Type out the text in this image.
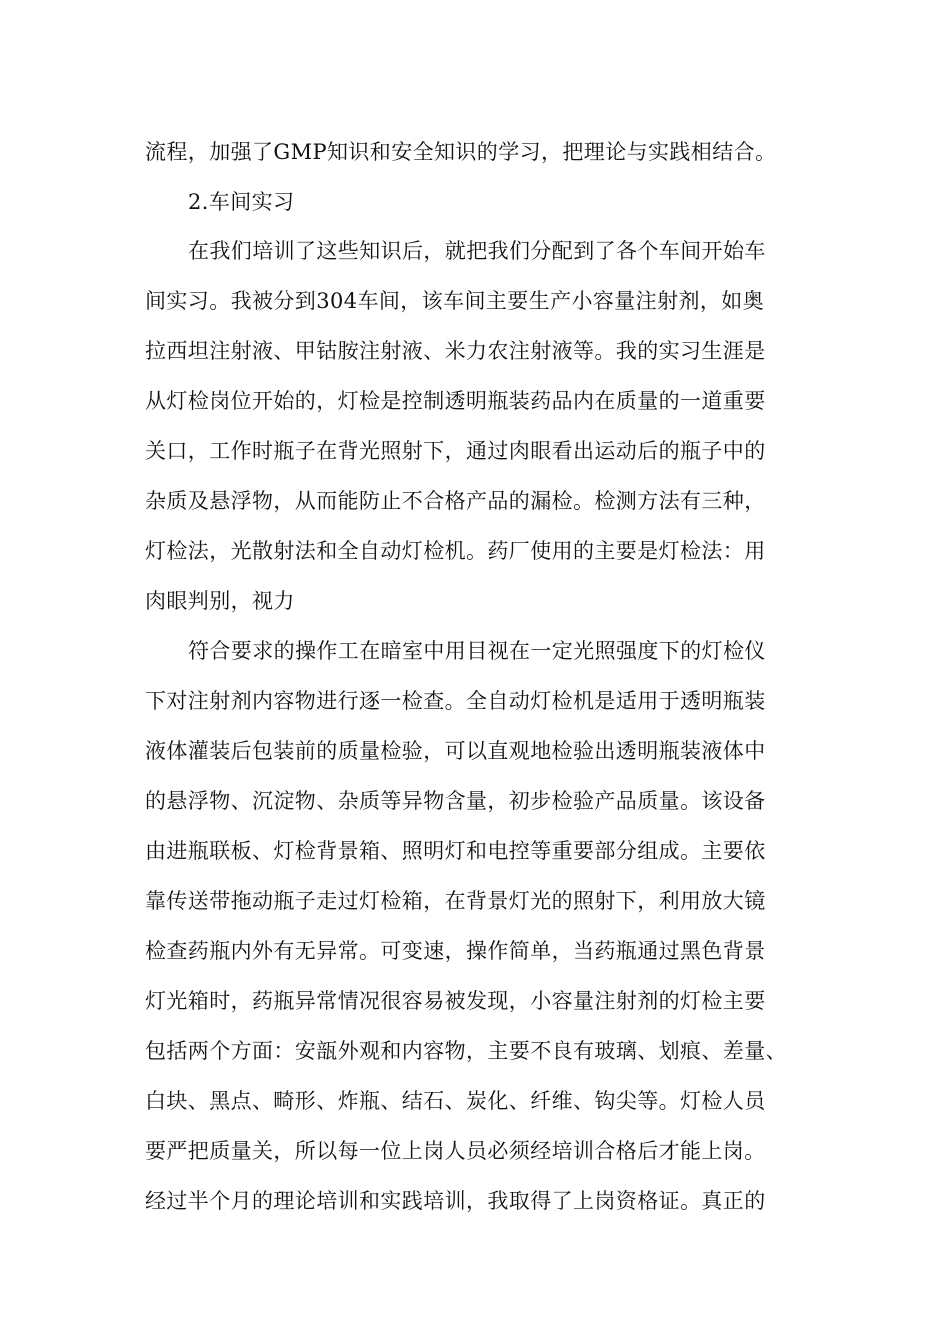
流程，加强了GMP知识和安全知识的学习，把理论与实践相结合。
2.车间实习
在我们培训了这些知识后，就把我们分配到了各个车间开始车
间实习。我被分到304车间，该车间主要生产小容量注射剂，如奥
拉西坦注射液、甲钴胺注射液、米力农注射液等。我的实习生涯是
从灯检岗位开始的，灯检是控制透明瓶装药品内在质量的一道重要
关口，工作时瓶子在背光照射下，通过肉眼看出运动后的瓶子中的
杂质及悬浮物，从而能防止不合格产品的漏检。检测方法有三种，
灯检法，光散射法和全自动灯检机。药厂使用的主要是灯检法：用
肉眼判别，视力
符合要求的操作工在暗室中用目视在一定光照强度下的灯检仪
下对注射剂内容物进行逐一检查。全自动灯检机是适用于透明瓶装
液体灌装后包装前的质量检验，可以直观地检验出透明瓶装液体中
的悬浮物、沉淀物、杂质等异物含量，初步检验产品质量。该设备
由进瓶联板、灯检背景箱、照明灯和电控等重要部分组成。主要依
靠传送带拖动瓶子走过灯检箱，在背景灯光的照射下，利用放大镜
检查药瓶内外有无异常。可变速，操作简单，当药瓶通过黑色背景
灯光箱时，药瓶异常情况很容易被发现，小容量注射剂的灯检主要
包括两个方面：安瓿外观和内容物，主要不良有玻璃、划痕、差量、
白块、黑点、畸形、炸瓶、结石、炭化、纤维、钩尖等。灯检人员
要严把质量关，所以每一位上岗人员必须经培训合格后才能上岗。
经过半个月的理论培训和实践培训，我取得了上岗资格证。真正的
